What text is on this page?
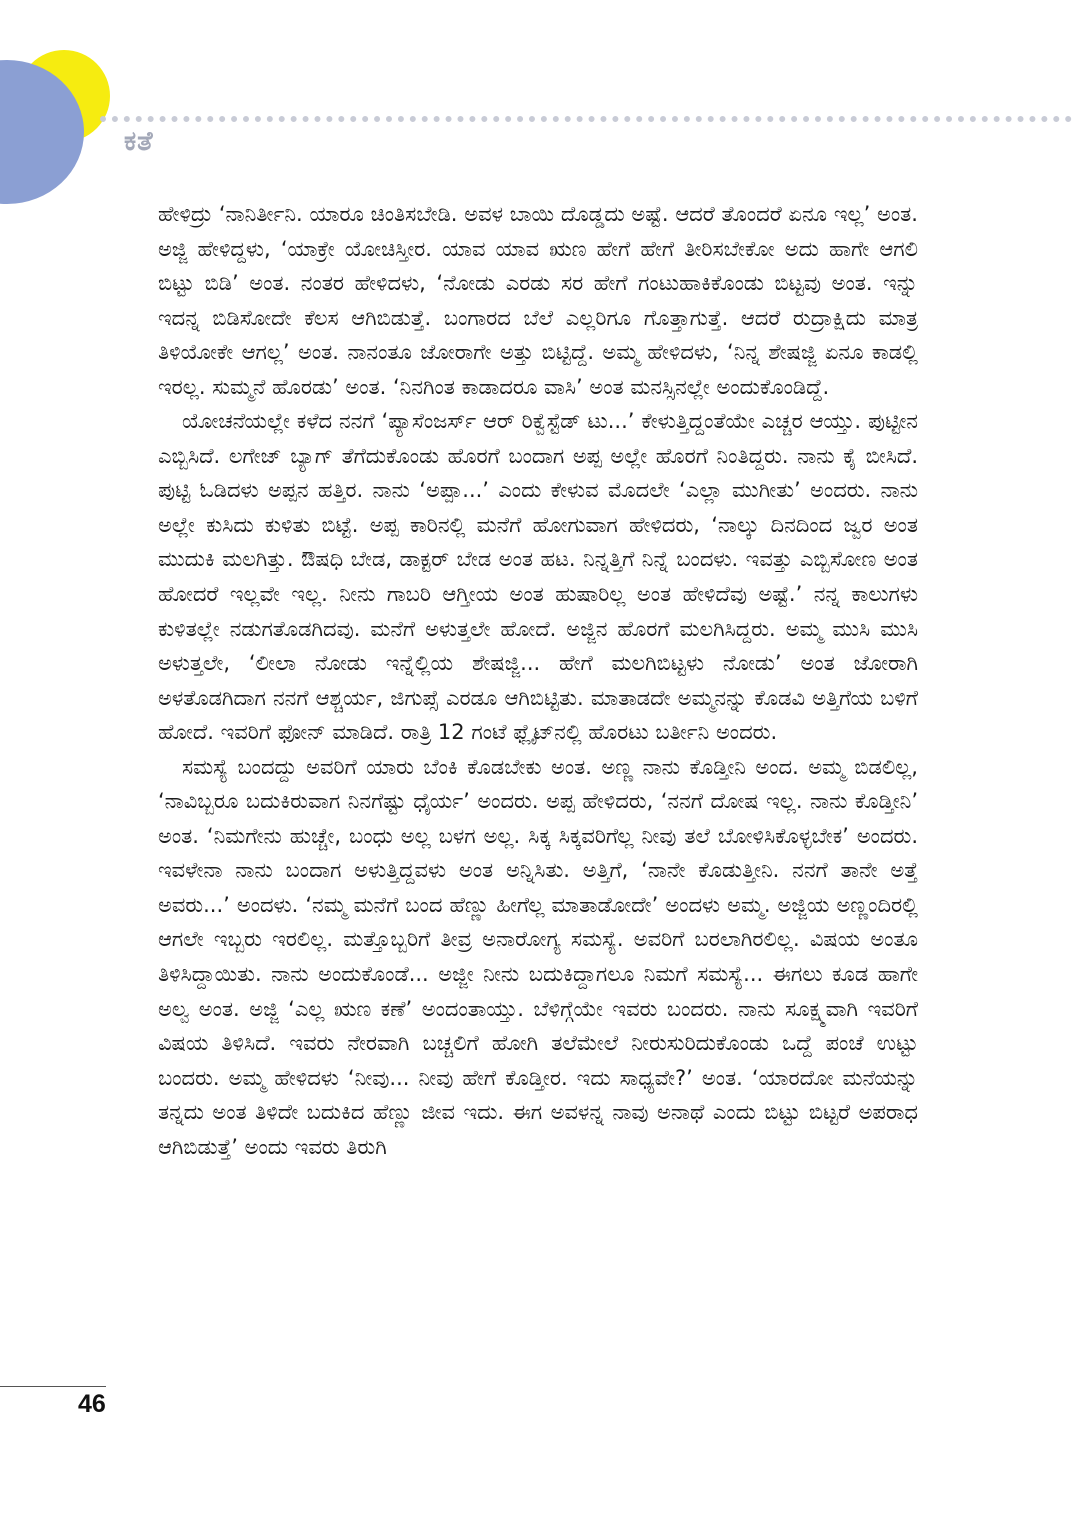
ಕತೆ

ಹೇಳಿದ್ರು ‘ನಾನಿರ್ತೀನಿ. ಯಾರೂ ಚಿಂತಿಸಬೇಡಿ. ಅವಳ ಬಾಯಿ ದೊಡ್ಡದು ಅಷ್ಟೆ. ಆದರೆ ತೊಂದರೆ ಏನೂ ಇಲ್ಲ’ ಅಂತ. ಅಜ್ಜಿ ಹೇಳಿದ್ದಳು, ‘ಯಾಕ್ರೇ ಯೋಚಿಸ್ತೀರ. ಯಾವ ಯಾವ ಋಣ ಹೇಗೆ ಹೇಗೆ ತೀರಿಸಬೇಕೋ ಅದು ಹಾಗೇ ಆಗಲಿ ಬಿಟ್ಟು ಬಿಡಿ’ ಅಂತ. ನಂತರ ಹೇಳಿದಳು, ‘ನೋಡು ಎರಡು ಸರ ಹೇಗೆ ಗಂಟುಹಾಕಿಕೊಂಡು ಬಿಟ್ಟವು ಅಂತ. ಇನ್ನು ಇದನ್ನ ಬಿಡಿಸೋದೇ ಕೆಲಸ ಆಗಿಬಿಡುತ್ತೆ. ಬಂಗಾರದ ಬೆಲೆ ಎಲ್ಲರಿಗೂ ಗೊತ್ತಾಗುತ್ತೆ. ಆದರೆ ರುದ್ರಾಕ್ಷಿದು ಮಾತ್ರ ತಿಳಿಯೋಕೇ ಆಗಲ್ಲ’ ಅಂತ. ನಾನಂತೂ ಜೋರಾಗೇ ಅತ್ತು ಬಿಟ್ಟಿದ್ದೆ. ಅಮ್ಮ ಹೇಳಿದಳು, ‘ನಿನ್ನ ಶೇಷಜ್ಜಿ ಏನೂ ಕಾಡಲ್ಲಿ ಇರಲ್ಲ. ಸುಮ್ಮನೆ ಹೊರಡು’ ಅಂತ. ‘ನಿನಗಿಂತ ಕಾಡಾದರೂ ವಾಸಿ’ ಅಂತ ಮನಸ್ಸಿನಲ್ಲೇ ಅಂದುಕೊಂಡಿದ್ದೆ.

ಯೋಚನೆಯಲ್ಲೇ ಕಳೆದ ನನಗೆ ‘ಪ್ಯಾಸೆಂಜರ್ಸ್ ಆರ್ ರಿಕ್ವೆಸ್ಟೆಡ್ ಟು...’ ಕೇಳುತ್ತಿದ್ದಂತೆಯೇ ಎಚ್ಚರ ಆಯ್ತು. ಪುಟ್ಟೀನ ಎಬ್ಬಿಸಿದೆ. ಲಗೇಜ್ ಬ್ಯಾಗ್ ತೆಗೆದುಕೊಂಡು ಹೊರಗೆ ಬಂದಾಗ ಅಪ್ಪ ಅಲ್ಲೇ ಹೊರಗೆ ನಿಂತಿದ್ದರು. ನಾನು ಕೈ ಬೀಸಿದೆ. ಪುಟ್ಟಿ ಓಡಿದಳು ಅಪ್ಪನ ಹತ್ತಿರ. ನಾನು ‘ಅಪ್ಪಾ...’ ಎಂದು ಕೇಳುವ ಮೊದಲೇ ‘ಎಲ್ಲಾ ಮುಗೀತು’ ಅಂದರು. ನಾನು ಅಲ್ಲೇ ಕುಸಿದು ಕುಳಿತು ಬಿಟ್ಟೆ. ಅಪ್ಪ ಕಾರಿನಲ್ಲಿ ಮನೆಗೆ ಹೋಗುವಾಗ ಹೇಳಿದರು, ‘ನಾಲ್ಕು ದಿನದಿಂದ ಜ್ವರ ಅಂತ ಮುದುಕಿ ಮಲಗಿತ್ತು. ಔಷಧಿ ಬೇಡ, ಡಾಕ್ಟರ್ ಬೇಡ ಅಂತ ಹಟ. ನಿನ್ನತ್ತಿಗೆ ನಿನ್ನೆ ಬಂದಳು. ಇವತ್ತು ಎಬ್ಬಿಸೋಣ ಅಂತ ಹೋದರೆ ಇಲ್ಲವೇ ಇಲ್ಲ. ನೀನು ಗಾಬರಿ ಆಗ್ತೀಯ ಅಂತ ಹುಷಾರಿಲ್ಲ ಅಂತ ಹೇಳಿದೆವು ಅಷ್ಟೆ.’ ನನ್ನ ಕಾಲುಗಳು ಕುಳಿತಲ್ಲೇ ನಡುಗತೊಡಗಿದವು. ಮನೆಗೆ ಅಳುತ್ತಲೇ ಹೋದೆ. ಅಜ್ಜಿನ ಹೊರಗೆ ಮಲಗಿಸಿದ್ದರು. ಅಮ್ಮ ಮುಸಿ ಮುಸಿ ಅಳುತ್ತಲೇ, ‘ಲೀಲಾ ನೋಡು ಇನ್ನೆಲ್ಲಿಯ ಶೇಷಜ್ಜಿ... ಹೇಗೆ ಮಲಗಿಬಿಟ್ಟಳು ನೋಡು’ ಅಂತ ಜೋರಾಗಿ ಅಳತೊಡಗಿದಾಗ ನನಗೆ ಆಶ್ಚರ್ಯ, ಜಿಗುಪ್ಸೆ ಎರಡೂ ಆಗಿಬಿಟ್ಟಿತು. ಮಾತಾಡದೇ ಅಮ್ಮನನ್ನು ಕೊಡವಿ ಅತ್ತಿಗೆಯ ಬಳಿಗೆ ಹೋದೆ. ಇವರಿಗೆ ಫೋನ್ ಮಾಡಿದೆ. ರಾತ್ರಿ 12 ಗಂಟೆ ಫ್ಲೈಟ್‌ನಲ್ಲಿ ಹೊರಟು ಬರ್ತೀನಿ ಅಂದರು.

ಸಮಸ್ಯೆ ಬಂದದ್ದು ಅವರಿಗೆ ಯಾರು ಬೆಂಕಿ ಕೊಡಬೇಕು ಅಂತ. ಅಣ್ಣ ನಾನು ಕೊಡ್ತೀನಿ ಅಂದ. ಅಮ್ಮ ಬಿಡಲಿಲ್ಲ, ‘ನಾವಿಬ್ಬರೂ ಬದುಕಿರುವಾಗ ನಿನಗೆಷ್ಟು ಧೈರ್ಯ’ ಅಂದರು. ಅಪ್ಪ ಹೇಳಿದರು, ‘ನನಗೆ ದೋಷ ಇಲ್ಲ. ನಾನು ಕೊಡ್ತೀನಿ’ ಅಂತ. ‘ನಿಮಗೇನು ಹುಚ್ಚೇ, ಬಂಧು ಅಲ್ಲ ಬಳಗ ಅಲ್ಲ. ಸಿಕ್ಕ ಸಿಕ್ಕವರಿಗೆಲ್ಲ ನೀವು ತಲೆ ಬೋಳಿಸಿಕೊಳ್ಳಬೇಕ’ ಅಂದರು. ಇವಳೇನಾ ನಾನು ಬಂದಾಗ ಅಳುತ್ತಿದ್ದವಳು ಅಂತ ಅನ್ನಿಸಿತು. ಅತ್ತಿಗೆ, ‘ನಾನೇ ಕೊಡುತ್ತೀನಿ. ನನಗೆ ತಾನೇ ಅತ್ತೆ ಅವರು...’ ಅಂದಳು. ‘ನಮ್ಮ ಮನೆಗೆ ಬಂದ ಹೆಣ್ಣು ಹೀಗೆಲ್ಲ ಮಾತಾಡೋದೇ’ ಅಂದಳು ಅಮ್ಮ. ಅಜ್ಜಿಯ ಅಣ್ಣಂದಿರಲ್ಲಿ ಆಗಲೇ ಇಬ್ಬರು ಇರಲಿಲ್ಲ. ಮತ್ತೊಬ್ಬರಿಗೆ ತೀವ್ರ ಅನಾರೋಗ್ಯ ಸಮಸ್ಯೆ. ಅವರಿಗೆ ಬರಲಾಗಿರಲಿಲ್ಲ. ವಿಷಯ ಅಂತೂ ತಿಳಿಸಿದ್ದಾಯಿತು. ನಾನು ಅಂದುಕೊಂಡೆ... ಅಜ್ಜೀ ನೀನು ಬದುಕಿದ್ದಾಗಲೂ ನಿಮಗೆ ಸಮಸ್ಯೆ... ಈಗಲು ಕೂಡ ಹಾಗೇ ಅಲ್ವ ಅಂತ. ಅಜ್ಜಿ ‘ಎಲ್ಲ ಋಣ ಕಣೆ’ ಅಂದಂತಾಯ್ತು. ಬೆಳಿಗ್ಗೆಯೇ ಇವರು ಬಂದರು. ನಾನು ಸೂಕ್ಷ್ಮವಾಗಿ ಇವರಿಗೆ ವಿಷಯ ತಿಳಿಸಿದೆ. ಇವರು ನೇರವಾಗಿ ಬಚ್ಚಲಿಗೆ ಹೋಗಿ ತಲೆಮೇಲೆ ನೀರುಸುರಿದುಕೊಂಡು ಒದ್ದೆ ಪಂಚೆ ಉಟ್ಟು ಬಂದರು. ಅಮ್ಮ ಹೇಳಿದಳು ‘ನೀವು... ನೀವು ಹೇಗೆ ಕೊಡ್ತೀರ. ಇದು ಸಾಧ್ಯವೇ?’ ಅಂತ. ‘ಯಾರದೋ ಮನೆಯನ್ನು ತನ್ನದು ಅಂತ ತಿಳಿದೇ ಬದುಕಿದ ಹೆಣ್ಣು ಜೀವ ಇದು. ಈಗ ಅವಳನ್ನ ನಾವು ಅನಾಥೆ ಎಂದು ಬಿಟ್ಟು ಬಿಟ್ಟರೆ ಅಪರಾಧ ಆಗಿಬಿಡುತ್ತೆ’ ಅಂದು ಇವರು ತಿರುಗಿ

46
